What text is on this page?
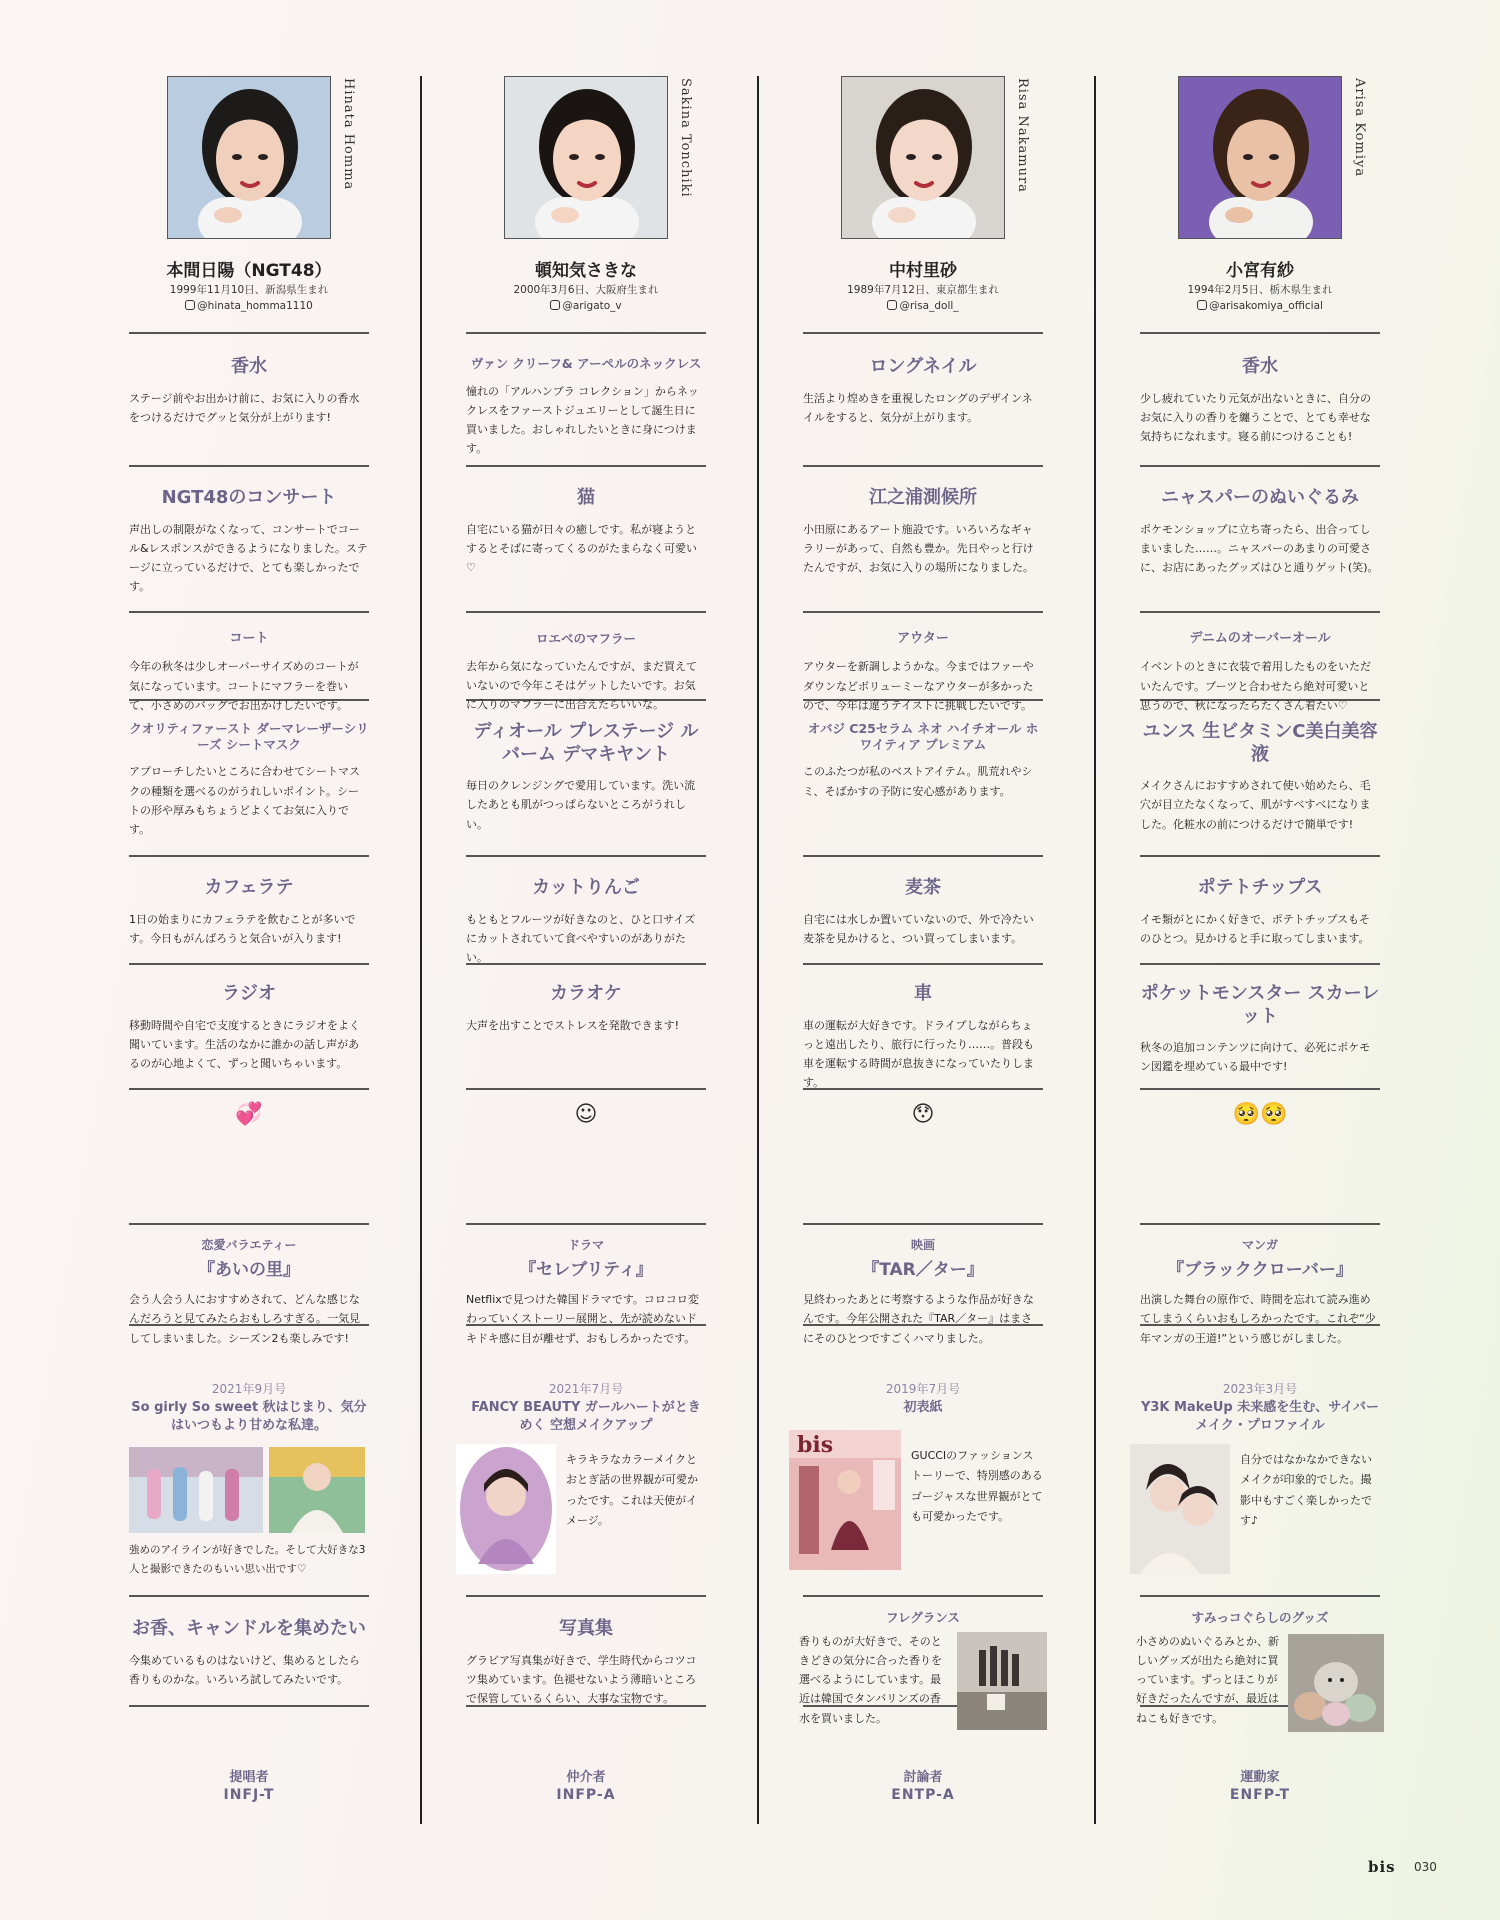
Hinata Homma
本間日陽（NGT48）
1999年11月10日、新潟県生まれ
@hinata_homma1110
香水
ステージ前やお出かけ前に、お気に入りの香水をつけるだけでグッと気分が上がります!
NGT48のコンサート
声出しの制限がなくなって、コンサートでコール&レスポンスができるようになりました。ステージに立っているだけで、とても楽しかったです。
コート
今年の秋冬は少しオーバーサイズめのコートが気になっています。コートにマフラーを巻いて、小さめのバッグでお出かけしたいです。
クオリティファースト ダーマレーザーシリーズ シートマスク
アプローチしたいところに合わせてシートマスクの種類を選べるのがうれしいポイント。シートの形や厚みもちょうどよくてお気に入りです。
カフェラテ
1日の始まりにカフェラテを飲むことが多いです。今日もがんばろうと気合いが入ります!
ラジオ
移動時間や自宅で支度するときにラジオをよく聞いています。生活のなかに誰かの話し声があるのが心地よくて、ずっと聞いちゃいます。
💞
恋愛バラエティー
『あいの里』
会う人会う人におすすめされて、どんな感じなんだろうと見てみたらおもしろすぎる。一気見してしまいました。シーズン2も楽しみです!
2021年9月号
So girly So sweet 秋はじまり、気分はいつもより甘めな私達。
強めのアイラインが好きでした。そして大好きな3人と撮影できたのもいい思い出です♡
お香、キャンドルを集めたい
今集めているものはないけど、集めるとしたら香りものかな。いろいろ試してみたいです。
提唱者
INFJ-T
Sakina Tonchiki
頓知気さきな
2000年3月6日、大阪府生まれ
@arigato_v
ヴァン クリーフ& アーペルのネックレス
憧れの「アルハンブラ コレクション」からネックレスをファーストジュエリーとして誕生日に買いました。おしゃれしたいときに身につけます。
猫
自宅にいる猫が日々の癒しです。私が寝ようとするとそばに寄ってくるのがたまらなく可愛い♡
ロエベのマフラー
去年から気になっていたんですが、まだ買えていないので今年こそはゲットしたいです。お気に入りのマフラーに出合えたらいいな。
ディオール プレステージ ル バーム デマキヤント
毎日のクレンジングで愛用しています。洗い流したあとも肌がつっぱらないところがうれしい。
カットりんご
もともとフルーツが好きなのと、ひと口サイズにカットされていて食べやすいのがありがたい。
カラオケ
大声を出すことでストレスを発散できます!
☺
ドラマ
『セレブリティ』
Netflixで見つけた韓国ドラマです。コロコロ変わっていくストーリー展開と、先が読めないドキドキ感に目が離せず、おもしろかったです。
2021年7月号
FANCY BEAUTY ガールハートがときめく 空想メイクアップ
キラキラなカラーメイクとおとぎ話の世界観が可愛かったです。これは天使がイメージ。
写真集
グラビア写真集が好きで、学生時代からコツコツ集めています。色褪せないよう薄暗いところで保管しているくらい、大事な宝物です。
仲介者
INFP-A
Risa Nakamura
中村里砂
1989年7月12日、東京都生まれ
@risa_doll_
ロングネイル
生活より煌めきを重視したロングのデザインネイルをすると、気分が上がります。
江之浦測候所
小田原にあるアート施設です。いろいろなギャラリーがあって、自然も豊か。先日やっと行けたんですが、お気に入りの場所になりました。
アウター
アウターを新調しようかな。今まではファーやダウンなどボリューミーなアウターが多かったので、今年は違うテイストに挑戦したいです。
オバジ C25セラム ネオ ハイチオール ホワイティア プレミアム
このふたつが私のベストアイテム。肌荒れやシミ、そばかすの予防に安心感があります。
麦茶
自宅には水しか置いていないので、外で冷たい麦茶を見かけると、つい買ってしまいます。
車
車の運転が大好きです。ドライブしながらちょっと遠出したり、旅行に行ったり……。普段も車を運転する時間が息抜きになっていたりします。
😯
映画
『TAR／ター』
見終わったあとに考察するような作品が好きなんです。今年公開された『TAR／ター』はまさにそのひとつですごくハマりました。
2019年7月号
初表紙
bis	GUCCIのファッションストーリーで、特別感のあるゴージャスな世界観がとても可愛かったです。
フレグランス
香りものが大好きで、そのときどきの気分に合った香りを選べるようにしています。最近は韓国でタンバリンズの香水を買いました。
討論者
ENTP-A
Arisa Komiya
小宮有紗
1994年2月5日、栃木県生まれ
@arisakomiya_official
香水
少し疲れていたり元気が出ないときに、自分のお気に入りの香りを纏うことで、とても幸せな気持ちになれます。寝る前につけることも!
ニャスパーのぬいぐるみ
ポケモンショップに立ち寄ったら、出合ってしまいました……。ニャスパーのあまりの可愛さに、お店にあったグッズはひと通りゲット(笑)。
デニムのオーバーオール
イベントのときに衣装で着用したものをいただいたんです。ブーツと合わせたら絶対可愛いと思うので、秋になったらたくさん着たい♡
ユンス 生ビタミンC美白美容液
メイクさんにおすすめされて使い始めたら、毛穴が目立たなくなって、肌がすべすべになりました。化粧水の前につけるだけで簡単です!
ポテトチップス
イモ類がとにかく好きで、ポテトチップスもそのひとつ。見かけると手に取ってしまいます。
ポケットモンスター スカーレット
秋冬の追加コンテンツに向けて、必死にポケモン図鑑を埋めている最中です!
🥺🥺
マンガ
『ブラッククローバー』
出演した舞台の原作で、時間を忘れて読み進めてしまうくらいおもしろかったです。これぞ“少年マンガの王道!”という感じがしました。
2023年3月号
Y3K MakeUp 未来感を生む、サイバーメイク・プロファイル
自分ではなかなかできないメイクが印象的でした。撮影中もすごく楽しかったです♪
すみっコぐらしのグッズ
小さめのぬいぐるみとか、新しいグッズが出たら絶対に買っています。ずっとほこりが好きだったんですが、最近はねこも好きです。
運動家
ENFP-T
bis 030
